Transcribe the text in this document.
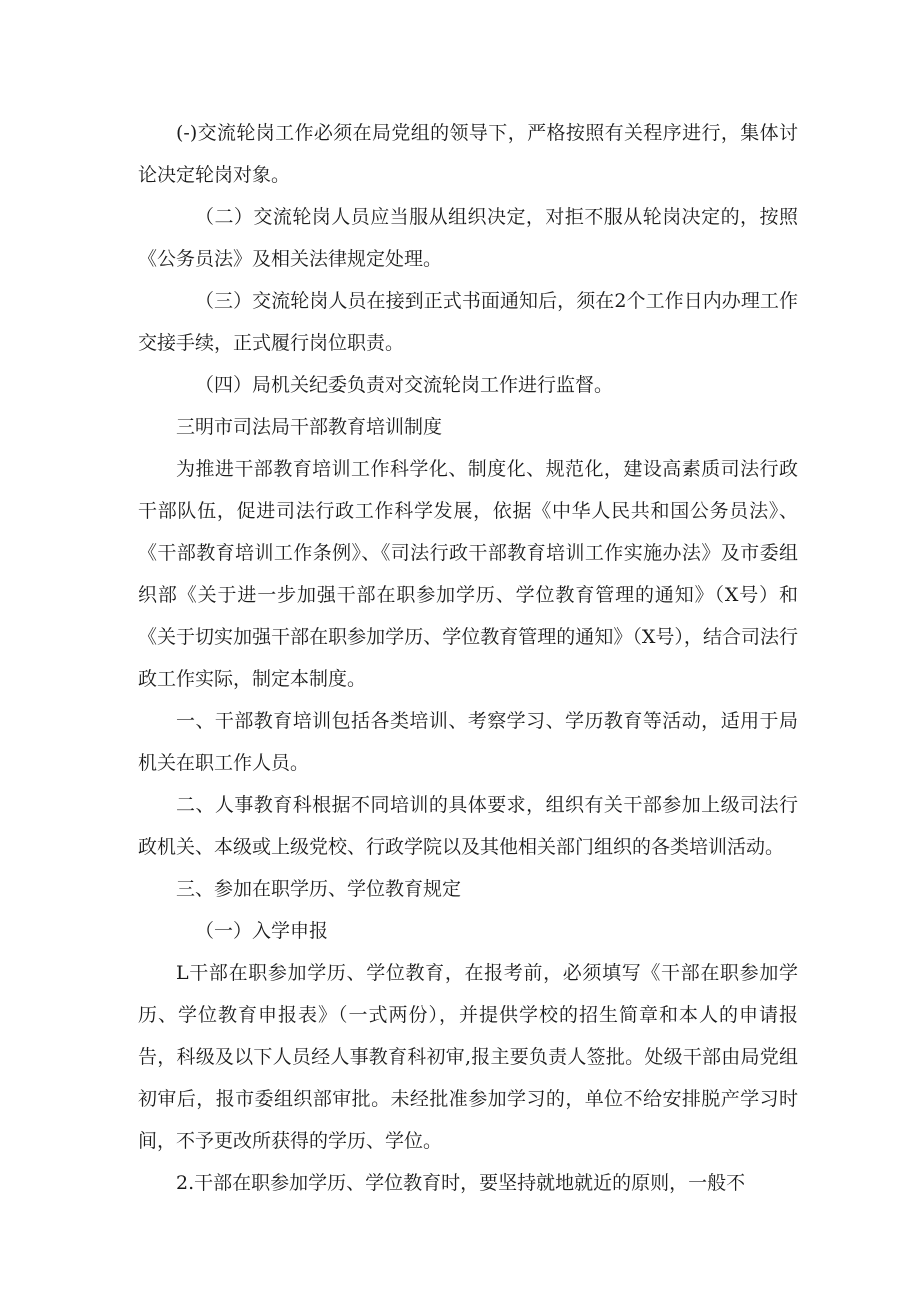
(-)交流轮岗工作必须在局党组的领导下，严格按照有关程序进行，集体讨论决定轮岗对象。

（二）交流轮岗人员应当服从组织决定，对拒不服从轮岗决定的，按照《公务员法》及相关法律规定处理。

（三）交流轮岗人员在接到正式书面通知后，须在2个工作日内办理工作交接手续，正式履行岗位职责。

（四）局机关纪委负责对交流轮岗工作进行监督。

三明市司法局干部教育培训制度

为推进干部教育培训工作科学化、制度化、规范化，建设高素质司法行政干部队伍，促进司法行政工作科学发展，依据《中华人民共和国公务员法》、《干部教育培训工作条例》、《司法行政干部教育培训工作实施办法》及市委组织部《关于进一步加强干部在职参加学历、学位教育管理的通知》（X号）和《关于切实加强干部在职参加学历、学位教育管理的通知》（X号），结合司法行政工作实际，制定本制度。

一、干部教育培训包括各类培训、考察学习、学历教育等活动，适用于局机关在职工作人员。

二、人事教育科根据不同培训的具体要求，组织有关干部参加上级司法行政机关、本级或上级党校、行政学院以及其他相关部门组织的各类培训活动。

三、参加在职学历、学位教育规定

（一）入学申报

L干部在职参加学历、学位教育，在报考前，必须填写《干部在职参加学历、学位教育申报表》（一式两份），并提供学校的招生简章和本人的申请报告，科级及以下人员经人事教育科初审,报主要负责人签批。处级干部由局党组初审后，报市委组织部审批。未经批准参加学习的，单位不给安排脱产学习时间，不予更改所获得的学历、学位。

2.干部在职参加学历、学位教育时，要坚持就地就近的原则，一般不
